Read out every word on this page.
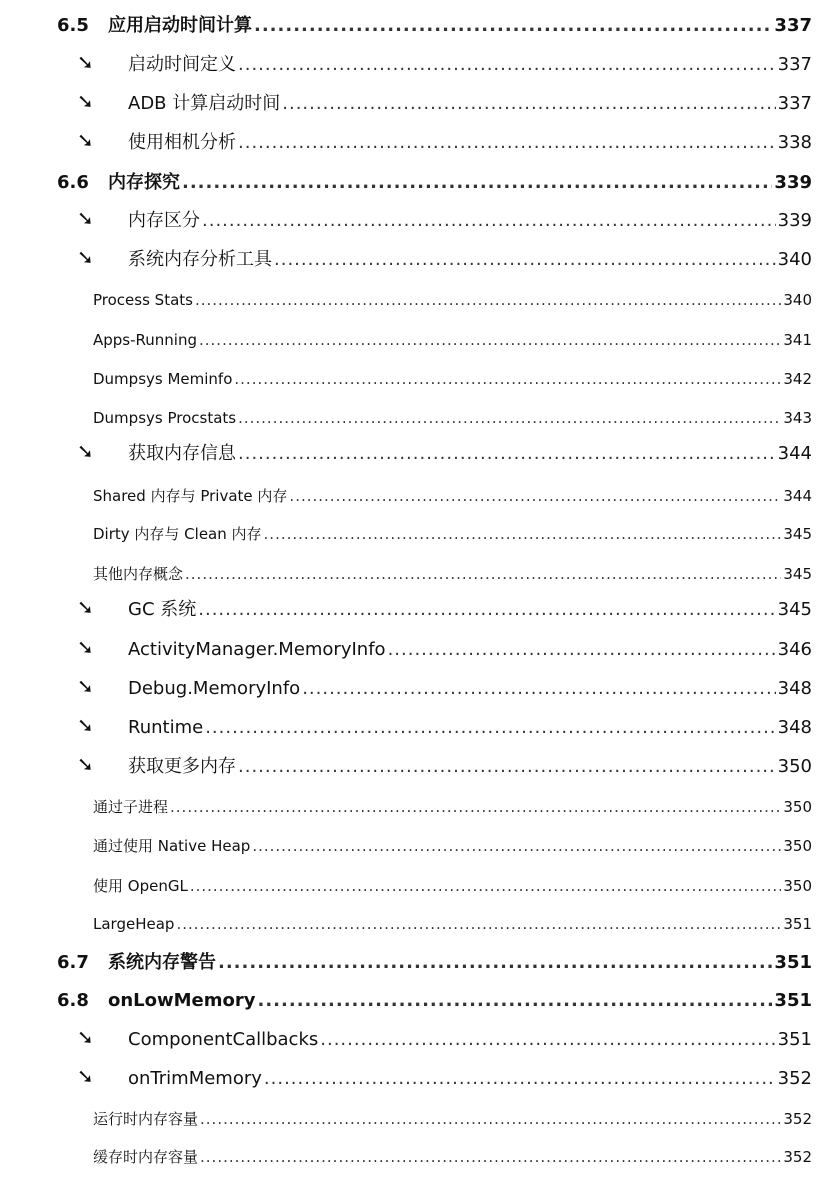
6.5 应用启动时间计算 .....	337
➘ 启动时间定义 .....	337
➘ ADB 计算启动时间 .....	337
➘ 使用相机分析 .....	338
6.6 内存探究 .....	339
➘ 内存区分 .....	339
➘ 系统内存分析工具 .....	340
Process Stats .....	340
Apps-Running .....	341
Dumpsys Meminfo .....	342
Dumpsys Procstats .....	343
➘ 获取内存信息 .....	344
Shared 内存与 Private 内存 .....	344
Dirty 内存与 Clean 内存 .....	345
其他内存概念 .....	345
➘ GC 系统 .....	345
➘ ActivityManager.MemoryInfo .....	346
➘ Debug.MemoryInfo .....	348
➘ Runtime .....	348
➘ 获取更多内存 .....	350
通过子进程 .....	350
通过使用 Native Heap .....	350
使用 OpenGL .....	350
LargeHeap .....	351
6.7 系统内存警告 .....	351
6.8 onLowMemory .....	351
➘ ComponentCallbacks .....	351
➘ onTrimMemory .....	352
运行时内存容量 .....	352
缓存时内存容量 .....	352
